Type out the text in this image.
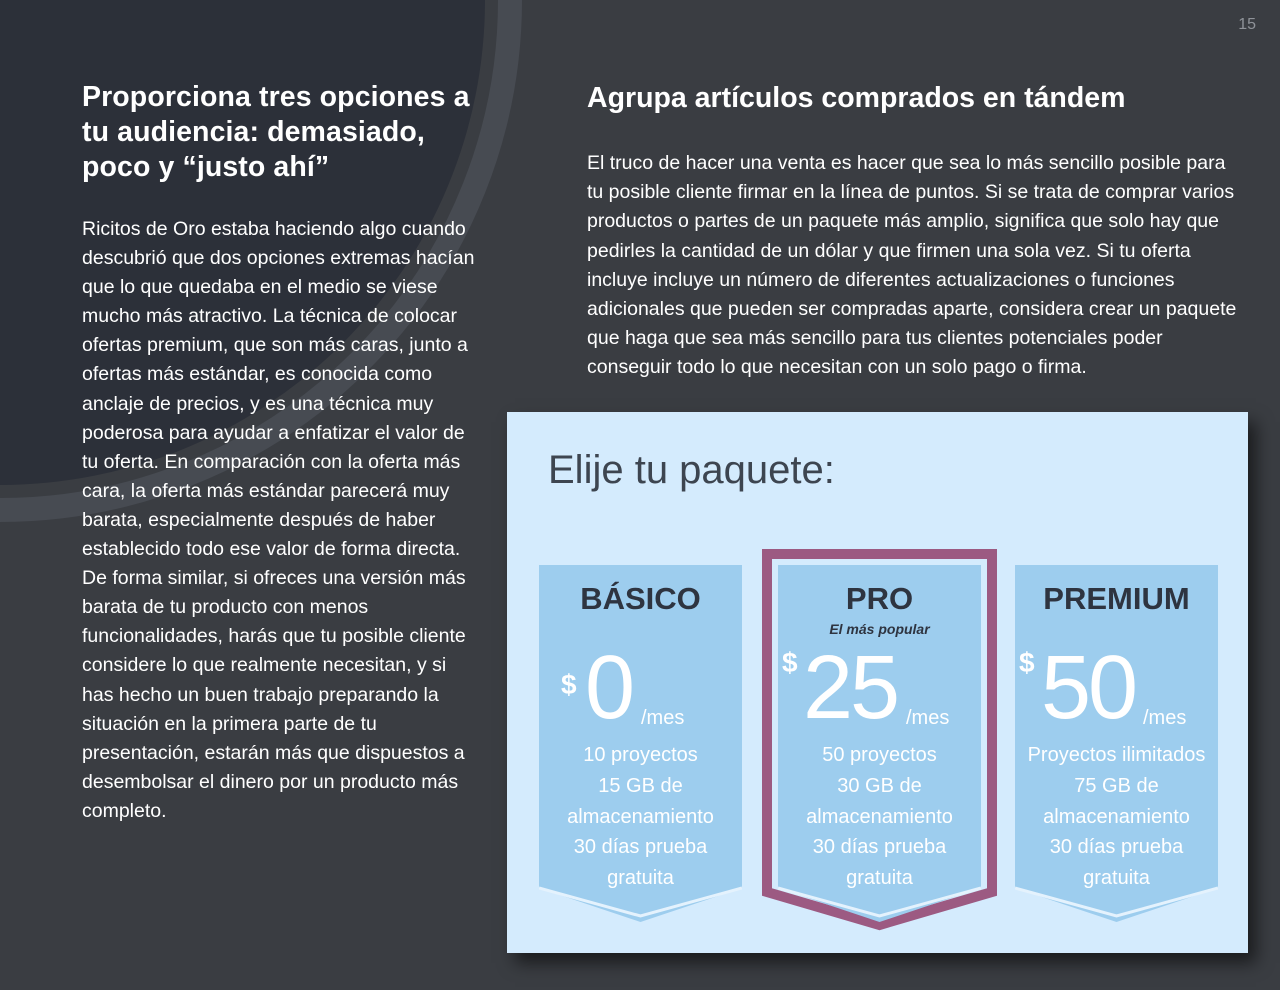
15
Proporciona tres opciones a tu audiencia: demasiado, poco y “justo ahí”

Ricitos de Oro estaba haciendo algo cuando descubrió que dos opciones extremas hacían que lo que quedaba en el medio se viese mucho más atractivo. La técnica de colocar ofertas premium, que son más caras, junto a ofertas más estándar, es conocida como anclaje de precios, y es una técnica muy poderosa para ayudar a enfatizar el valor de tu oferta. En comparación con la oferta más cara, la oferta más estándar parecerá muy barata, especialmente después de haber establecido todo ese valor de forma directa. De forma similar, si ofreces una versión más barata de tu producto con menos funcionalidades, harás que tu posible cliente considere lo que realmente necesitan, y si has hecho un buen trabajo preparando la situación en la primera parte de tu presentación, estarán más que dispuestos a desembolsar el dinero por un producto más completo.

Agrupa artículos comprados en tándem

El truco de hacer una venta es hacer que sea lo más sencillo posible para tu posible cliente firmar en la línea de puntos. Si se trata de comprar varios productos o partes de un paquete más amplio, significa que solo hay que pedirles la cantidad de un dólar y que firmen una sola vez. Si tu oferta incluye incluye un número de diferentes actualizaciones o funciones adicionales que pueden ser compradas aparte, considera crear un paquete que haga que sea más sencillo para tus clientes potenciales poder conseguir todo lo que necesitan con un solo pago o firma.

Elije tu paquete:
BÁSICO
$ 0 /mes
10 proyectos
15 GB de
almacenamiento
30 días prueba
gratuita
PRO
El más popular
$ 25 /mes
50 proyectos
30 GB de
almacenamiento
30 días prueba
gratuita
PREMIUM
$ 50 /mes
Proyectos ilimitados
75 GB de
almacenamiento
30 días prueba
gratuita
